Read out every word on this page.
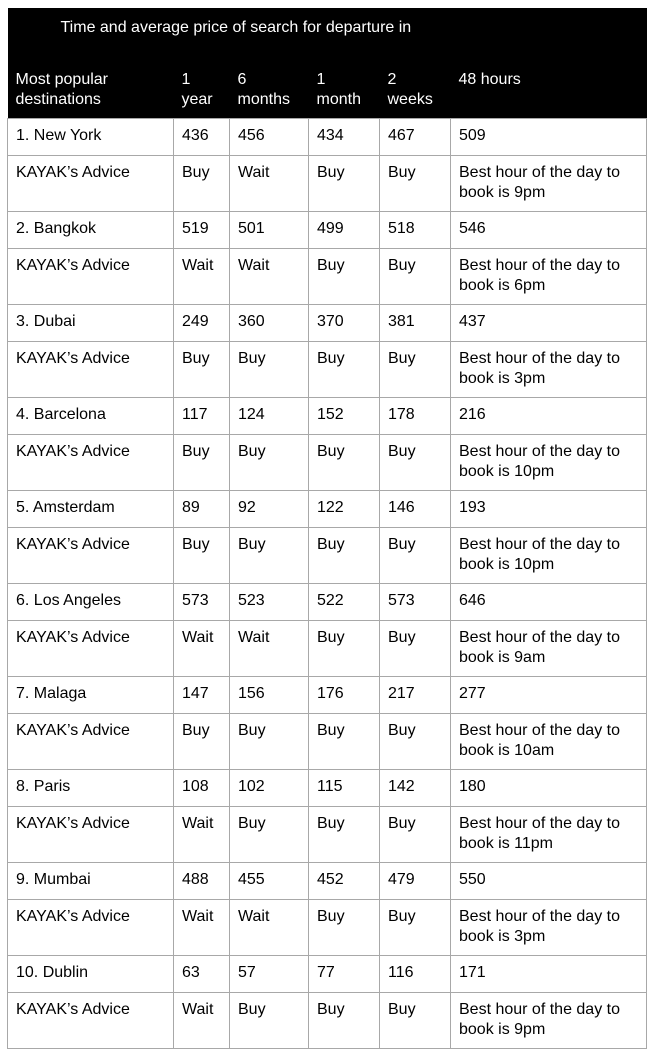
Time and average price of search for departure in					
Most popular destinations	1 year	6 months	1 month	2 weeks	48 hours
1. New York	436	456	434	467	509
KAYAK’s Advice	Buy	Wait	Buy	Buy	Best hour of the day to book is 9pm
2. Bangkok	519	501	499	518	546
KAYAK’s Advice	Wait	Wait	Buy	Buy	Best hour of the day to book is 6pm
3. Dubai	249	360	370	381	437
KAYAK’s Advice	Buy	Buy	Buy	Buy	Best hour of the day to book is 3pm
4. Barcelona	117	124	152	178	216
KAYAK’s Advice	Buy	Buy	Buy	Buy	Best hour of the day to book is 10pm
5. Amsterdam	89	92	122	146	193
KAYAK’s Advice	Buy	Buy	Buy	Buy	Best hour of the day to book is 10pm
6. Los Angeles	573	523	522	573	646
KAYAK’s Advice	Wait	Wait	Buy	Buy	Best hour of the day to book is 9am
7. Malaga	147	156	176	217	277
KAYAK’s Advice	Buy	Buy	Buy	Buy	Best hour of the day to book is 10am
8. Paris	108	102	115	142	180
KAYAK’s Advice	Wait	Buy	Buy	Buy	Best hour of the day to book is 11pm
9. Mumbai	488	455	452	479	550
KAYAK’s Advice	Wait	Wait	Buy	Buy	Best hour of the day to book is 3pm
10. Dublin	63	57	77	116	171
KAYAK’s Advice	Wait	Buy	Buy	Buy	Best hour of the day to book is 9pm
